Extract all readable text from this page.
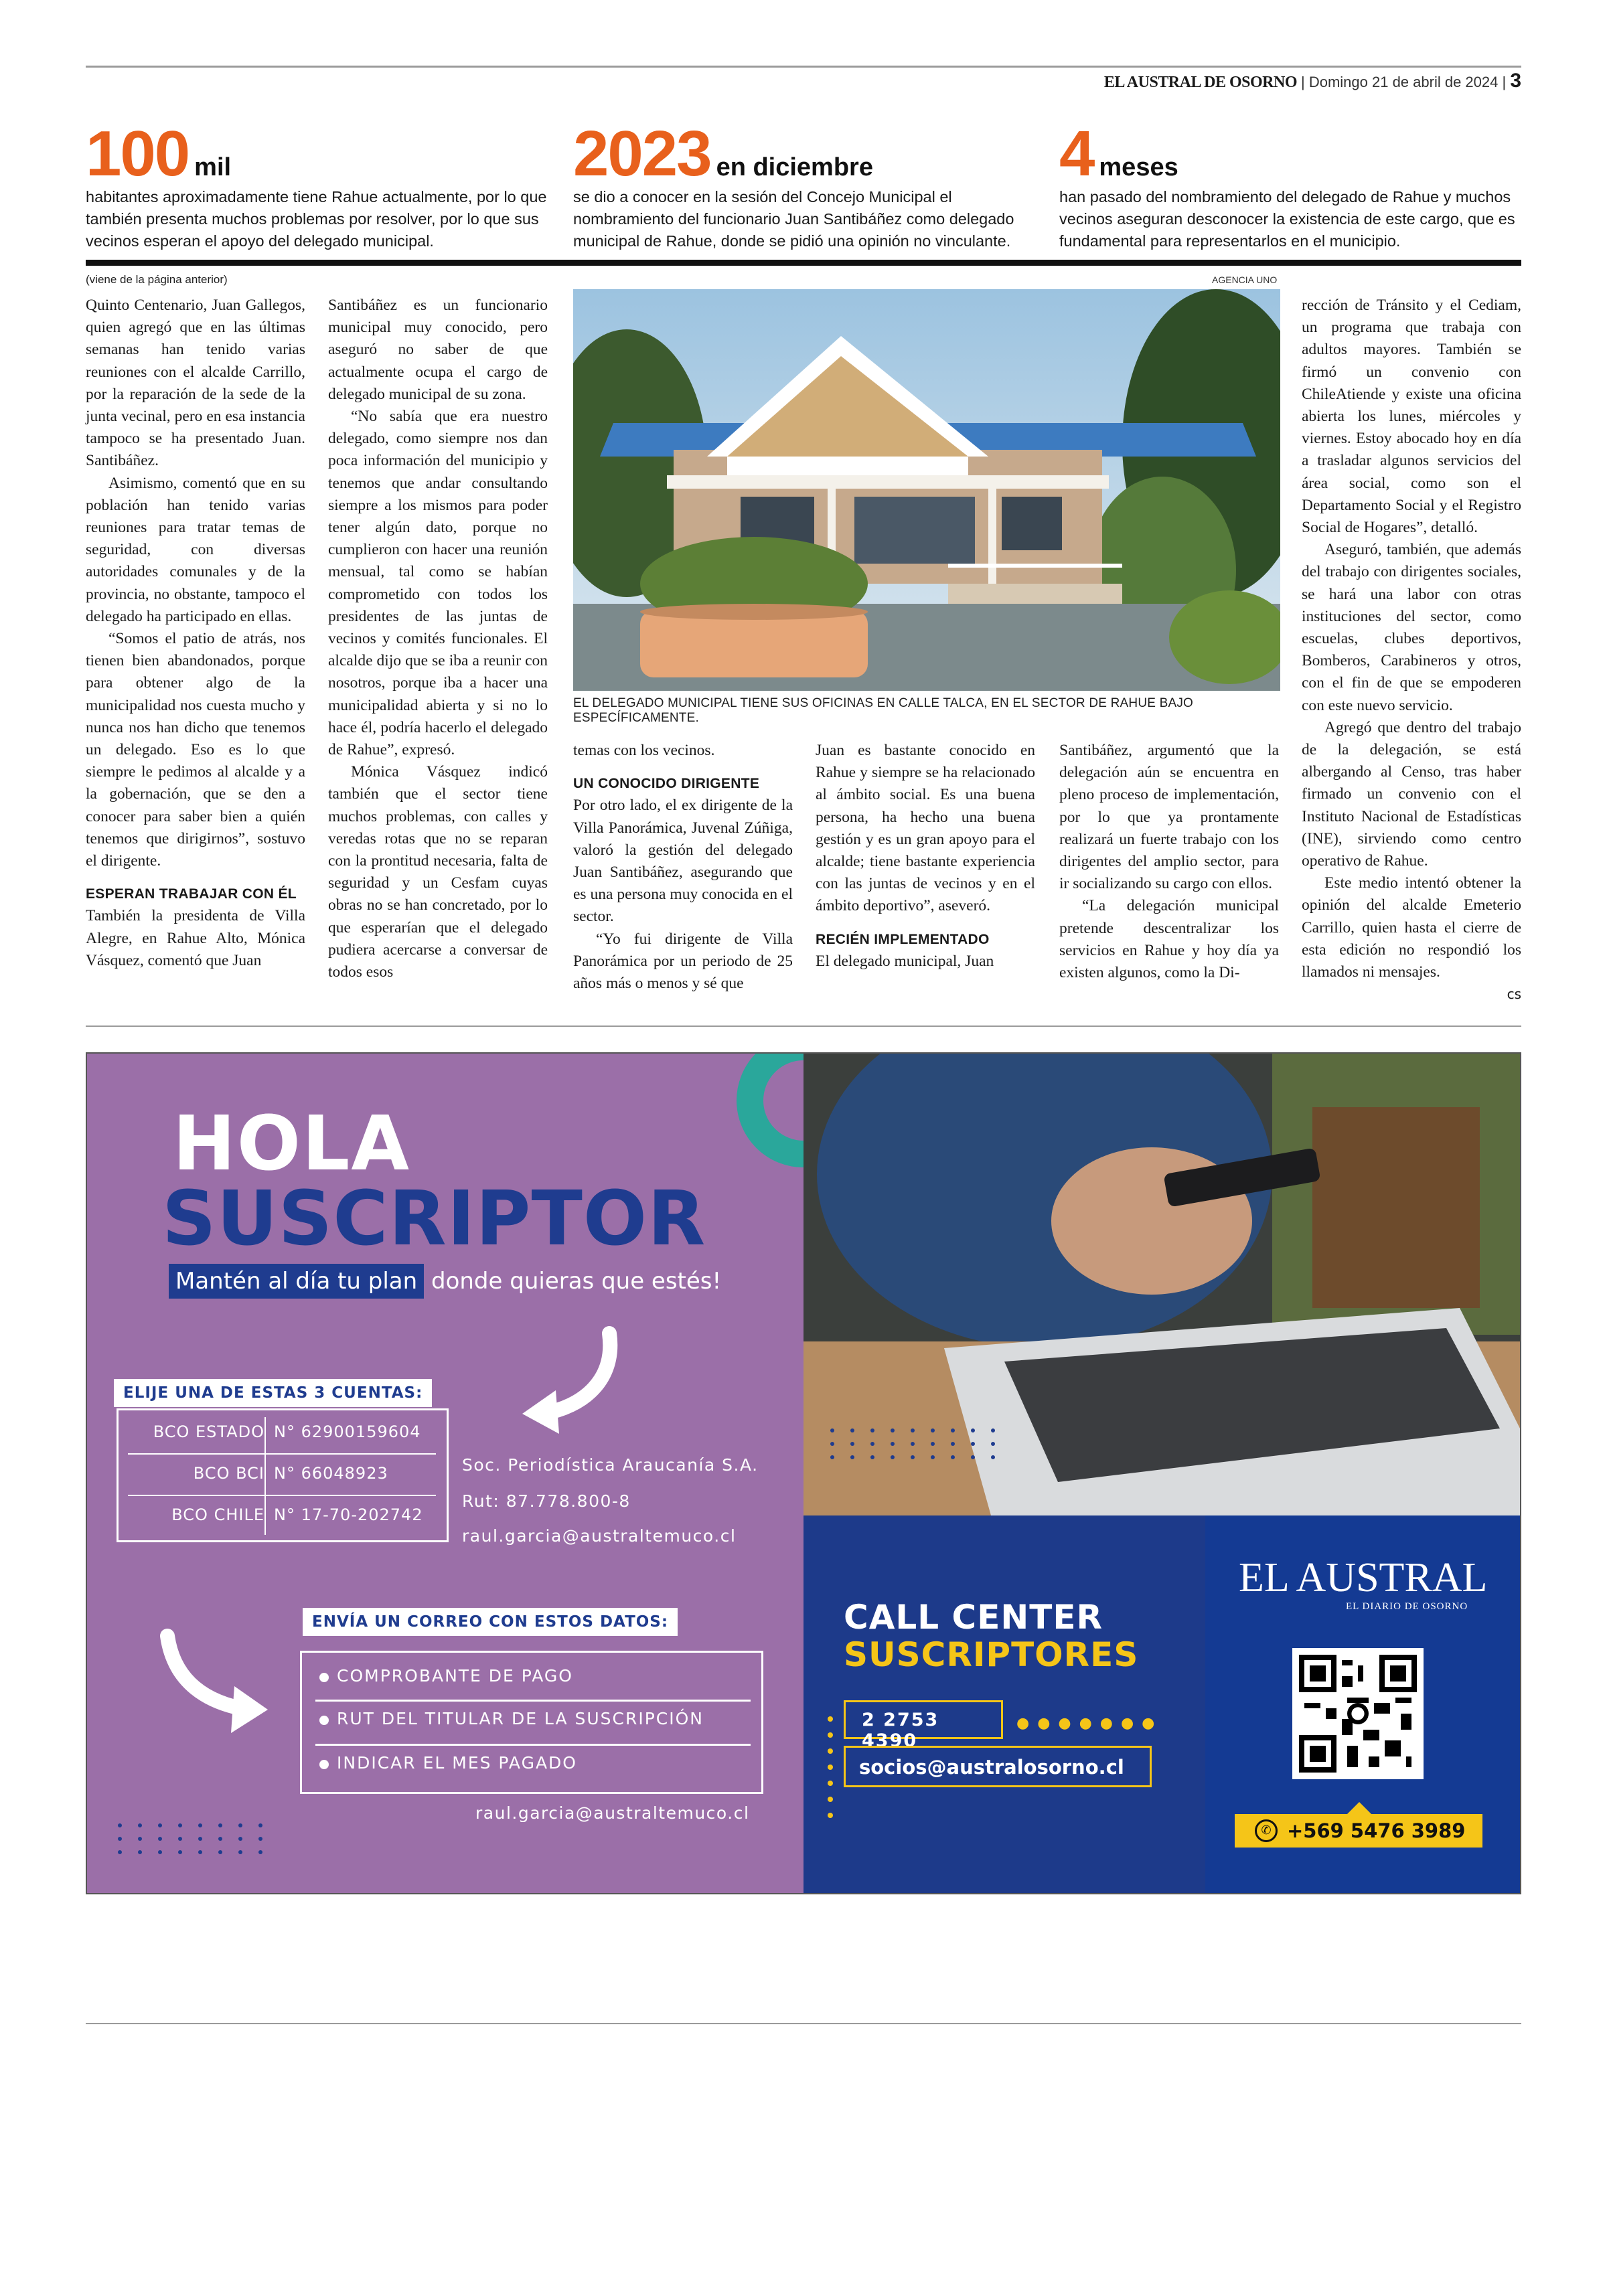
EL AUSTRAL DE OSORNO | Domingo 21 de abril de 2024 | 3
100 mil
habitantes aproximadamente tiene Rahue actualmente, por lo que también presenta muchos problemas por resolver, por lo que sus vecinos esperan el apoyo del delegado municipal.
2023 en diciembre
se dio a conocer en la sesión del Concejo Municipal el nombramiento del funcionario Juan Santibáñez como delegado municipal de Rahue, donde se pidió una opinión no vinculante.
4 meses
han pasado del nombramiento del delegado de Rahue y muchos vecinos aseguran desconocer la existencia de este cargo, que es fundamental para representarlos en el municipio.
(viene de la página anterior)

Quinto Centenario, Juan Gallegos, quien agregó que en las últimas semanas han tenido varias reuniones con el alcalde Carrillo, por la reparación de la sede de la junta vecinal, pero en esa instancia tampoco se ha presentado Juan. Santibáñez.

Asimismo, comentó que en su población han tenido varias reuniones para tratar temas de seguridad, con diversas autoridades comunales y de la provincia, no obstante, tampoco el delegado ha participado en ellas.

“Somos el patio de atrás, nos tienen bien abandonados, porque para obtener algo de la municipalidad nos cuesta mucho y nunca nos han dicho que tenemos un delegado. Eso es lo que siempre le pedimos al alcalde y a la gobernación, que se den a conocer para saber bien a quién tenemos que dirigirnos”, sostuvo el dirigente.

ESPERAN TRABAJAR CON ÉL

También la presidenta de Villa Alegre, en Rahue Alto, Mónica Vásquez, comentó que Juan

Santibáñez es un funcionario municipal muy conocido, pero aseguró no saber de que actualmente ocupa el cargo de delegado municipal de su zona.

“No sabía que era nuestro delegado, como siempre nos dan poca información del municipio y tenemos que andar consultando siempre a los mismos para poder tener algún dato, porque no cumplieron con hacer una reunión mensual, tal como se habían comprometido con todos los presidentes de las juntas de vecinos y comités funcionales. El alcalde dijo que se iba a reunir con nosotros, porque iba a hacer una municipalidad abierta y si no lo hace él, podría hacerlo el delegado de Rahue”, expresó.

Mónica Vásquez indicó también que el sector tiene muchos problemas, con calles y veredas rotas que no se reparan con la prontitud necesaria, falta de seguridad y un Cesfam cuyas obras no se han concretado, por lo que esperarían que el delegado pudiera acercarse a conversar de todos esos

AGENCIA UNO
EL DELEGADO MUNICIPAL TIENE SUS OFICINAS EN CALLE TALCA, EN EL SECTOR DE RAHUE BAJO ESPECÍFICAMENTE.

temas con los vecinos.

UN CONOCIDO DIRIGENTE

Por otro lado, el ex dirigente de la Villa Panorámica, Juvenal Zúñiga, valoró la gestión del delegado Juan Santibáñez, asegurando que es una persona muy conocida en el sector.

“Yo fui dirigente de Villa Panorámica por un periodo de 25 años más o menos y sé que

Juan es bastante conocido en Rahue y siempre se ha relacionado al ámbito social. Es una buena persona, ha hecho una buena gestión y es un gran apoyo para el alcalde; tiene bastante experiencia con las juntas de vecinos y en el ámbito deportivo”, aseveró.

RECIÉN IMPLEMENTADO

El delegado municipal, Juan

Santibáñez, argumentó que la delegación aún se encuentra en pleno proceso de implementación, por lo que ya prontamente realizará un fuerte trabajo con los dirigentes del amplio sector, para ir socializando su cargo con ellos.

“La delegación municipal pretende descentralizar los servicios en Rahue y hoy día ya existen algunos, como la Di-

rección de Tránsito y el Cediam, un programa que trabaja con adultos mayores. También se firmó un convenio con ChileAtiende y existe una oficina abierta los lunes, miércoles y viernes. Estoy abocado hoy en día a trasladar algunos servicios del área social, como son el Departamento Social y el Registro Social de Hogares”, detalló.

Aseguró, también, que además del trabajo con dirigentes sociales, se hará una labor con otras instituciones del sector, como escuelas, clubes deportivos, Bomberos, Carabineros y otros, con el fin de que se empoderen con este nuevo servicio.

Agregó que dentro del trabajo de la delegación, se está albergando al Censo, tras haber firmado un convenio con el Instituto Nacional de Estadísticas (INE), sirviendo como centro operativo de Rahue.

Este medio intentó obtener la opinión del alcalde Emeterio Carrillo, quien hasta el cierre de esta edición no respondió los llamados ni mensajes.

cs

HOLA
SUSCRIPTOR
Mantén al día tu plan donde quieras que estés!
ELIJE UNA DE ESTAS 3 CUENTAS:
BCO ESTADO N° 62900159604
BCO BCI N° 66048923
BCO CHILE N° 17-70-202742
Soc. Periodística Araucanía S.A.
Rut: 87.778.800-8
raul.garcia@australtemuco.cl
ENVÍA UN CORREO CON ESTOS DATOS:
COMPROBANTE DE PAGO
RUT DEL TITULAR DE LA SUSCRIPCIÓN
INDICAR EL MES PAGADO
raul.garcia@australtemuco.cl
CALL CENTER
SUSCRIPTORES
2 2753 4390
●●●●●●●
socios@australosorno.cl
EL AUSTRAL
EL DIARIO DE OSORNO
✆ +569 5476 3989
